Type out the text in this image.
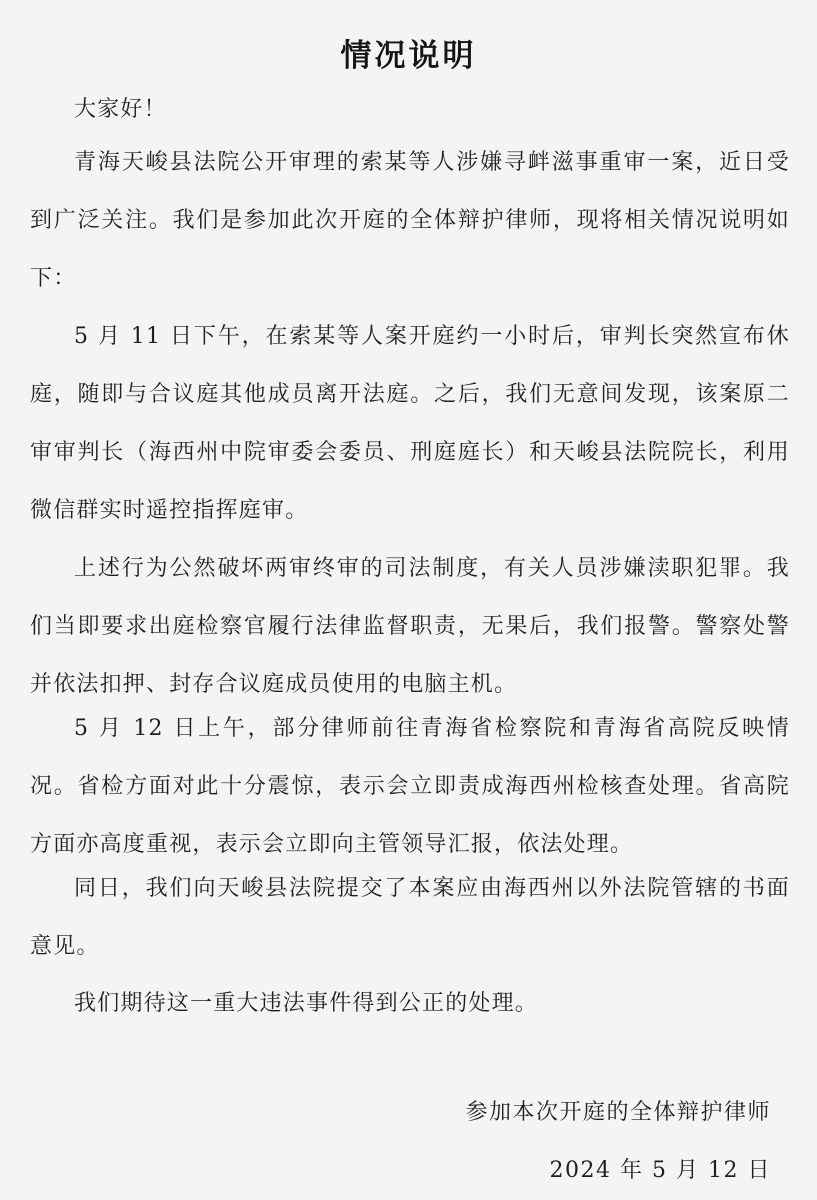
情况说明
大家好！

青海天峻县法院公开审理的索某等人涉嫌寻衅滋事重审一案，近日受到广泛关注。我们是参加此次开庭的全体辩护律师，现将相关情况说明如下：

5 月 11 日下午，在索某等人案开庭约一小时后，审判长突然宣布休庭，随即与合议庭其他成员离开法庭。之后，我们无意间发现，该案原二审审判长（海西州中院审委会委员、刑庭庭长）和天峻县法院院长，利用微信群实时遥控指挥庭审。

上述行为公然破坏两审终审的司法制度，有关人员涉嫌渎职犯罪。我们当即要求出庭检察官履行法律监督职责，无果后，我们报警。警察处警并依法扣押、封存合议庭成员使用的电脑主机。

5 月 12 日上午，部分律师前往青海省检察院和青海省高院反映情况。省检方面对此十分震惊，表示会立即责成海西州检核查处理。省高院方面亦高度重视，表示会立即向主管领导汇报，依法处理。

同日，我们向天峻县法院提交了本案应由海西州以外法院管辖的书面意见。

我们期待这一重大违法事件得到公正的处理。

参加本次开庭的全体辩护律师
2024 年 5 月 12 日
